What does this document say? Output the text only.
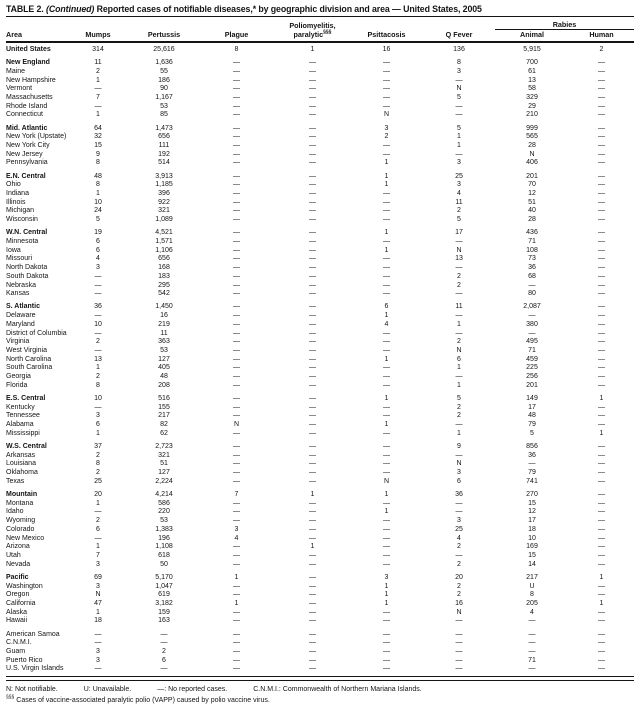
TABLE 2. (Continued) Reported cases of notifiable diseases,* by geographic division and area — United States, 2005
				Poliomyelitis,			Rabies	
Area	Mumps	Pertussis	Plague	paralytic§§§	Psittacosis	Q Fever	Animal	Human
United States	314	25,616	8	1	16	136	5,915	2

New England	11	1,636	—	—	—	8	700	—
Maine	2	55	—	—	—	3	61	—
New Hampshire	1	186	—	—	—	—	13	—
Vermont	—	90	—	—	—	N	58	—
Massachusetts	7	1,167	—	—	—	5	329	—
Rhode Island	—	53	—	—	—	—	29	—
Connecticut	1	85	—	—	N	—	210	—

Mid. Atlantic	64	1,473	—	—	3	5	999	—
New York (Upstate)	32	656	—	—	2	1	565	—
New York City	15	111	—	—	—	1	28	—
New Jersey	9	192	—	—	—	—	N	—
Pennsylvania	8	514	—	—	1	3	406	—

E.N. Central	48	3,913	—	—	1	25	201	—
Ohio	8	1,185	—	—	1	3	70	—
Indiana	1	396	—	—	—	4	12	—
Illinois	10	922	—	—	—	11	51	—
Michigan	24	321	—	—	—	2	40	—
Wisconsin	5	1,089	—	—	—	5	28	—

W.N. Central	19	4,521	—	—	1	17	436	—
Minnesota	6	1,571	—	—	—	—	71	—
Iowa	6	1,106	—	—	1	N	108	—
Missouri	4	656	—	—	—	13	73	—
North Dakota	3	168	—	—	—	—	36	—
South Dakota	—	183	—	—	—	2	68	—
Nebraska	—	295	—	—	—	2	—	—
Kansas	—	542	—	—	—	—	80	—

S. Atlantic	36	1,450	—	—	6	11	2,087	—
Delaware	—	16	—	—	1	—	—	—
Maryland	10	219	—	—	4	1	380	—
District of Columbia	—	11	—	—	—	—	—	—
Virginia	2	363	—	—	—	2	495	—
West Virginia	—	53	—	—	—	N	71	—
North Carolina	13	127	—	—	1	6	459	—
South Carolina	1	405	—	—	—	1	225	—
Georgia	2	48	—	—	—	—	256	—
Florida	8	208	—	—	—	1	201	—

E.S. Central	10	516	—	—	1	5	149	1
Kentucky	—	155	—	—	—	2	17	—
Tennessee	3	217	—	—	—	2	48	—
Alabama	6	82	N	—	1	—	79	—
Mississippi	1	62	—	—	—	1	5	1

W.S. Central	37	2,723	—	—	—	9	856	—
Arkansas	2	321	—	—	—	—	36	—
Louisiana	8	51	—	—	—	N	—	—
Oklahoma	2	127	—	—	—	3	79	—
Texas	25	2,224	—	—	N	6	741	—

Mountain	20	4,214	7	1	1	36	270	—
Montana	1	586	—	—	—	—	15	—
Idaho	—	220	—	—	1	—	12	—
Wyoming	2	53	—	—	—	3	17	—
Colorado	6	1,383	3	—	—	25	18	—
New Mexico	—	196	4	—	—	4	10	—
Arizona	1	1,108	—	1	—	2	169	—
Utah	7	618	—	—	—	—	15	—
Nevada	3	50	—	—	—	2	14	—

Pacific	69	5,170	1	—	3	20	217	1
Washington	3	1,047	—	—	1	2	U	—
Oregon	N	619	—	—	1	2	8	—
California	47	3,182	1	—	1	16	205	1
Alaska	1	159	—	—	—	N	4	—
Hawaii	18	163	—	—	—	—	—	—

American Samoa	—	—	—	—	—	—	—	—
C.N.M.I.	—	—	—	—	—	—	—	—
Guam	3	2	—	—	—	—	—	—
Puerto Rico	3	6	—	—	—	—	71	—
U.S. Virgin Islands	—	—	—	—	—	—	—	—
N: Not notifiable.	U: Unavailable.	—: No reported cases.	C.N.M.I.: Commonwealth of Northern Mariana Islands.
§§§ Cases of vaccine-associated paralytic polio (VAPP) caused by polio vaccine virus.
